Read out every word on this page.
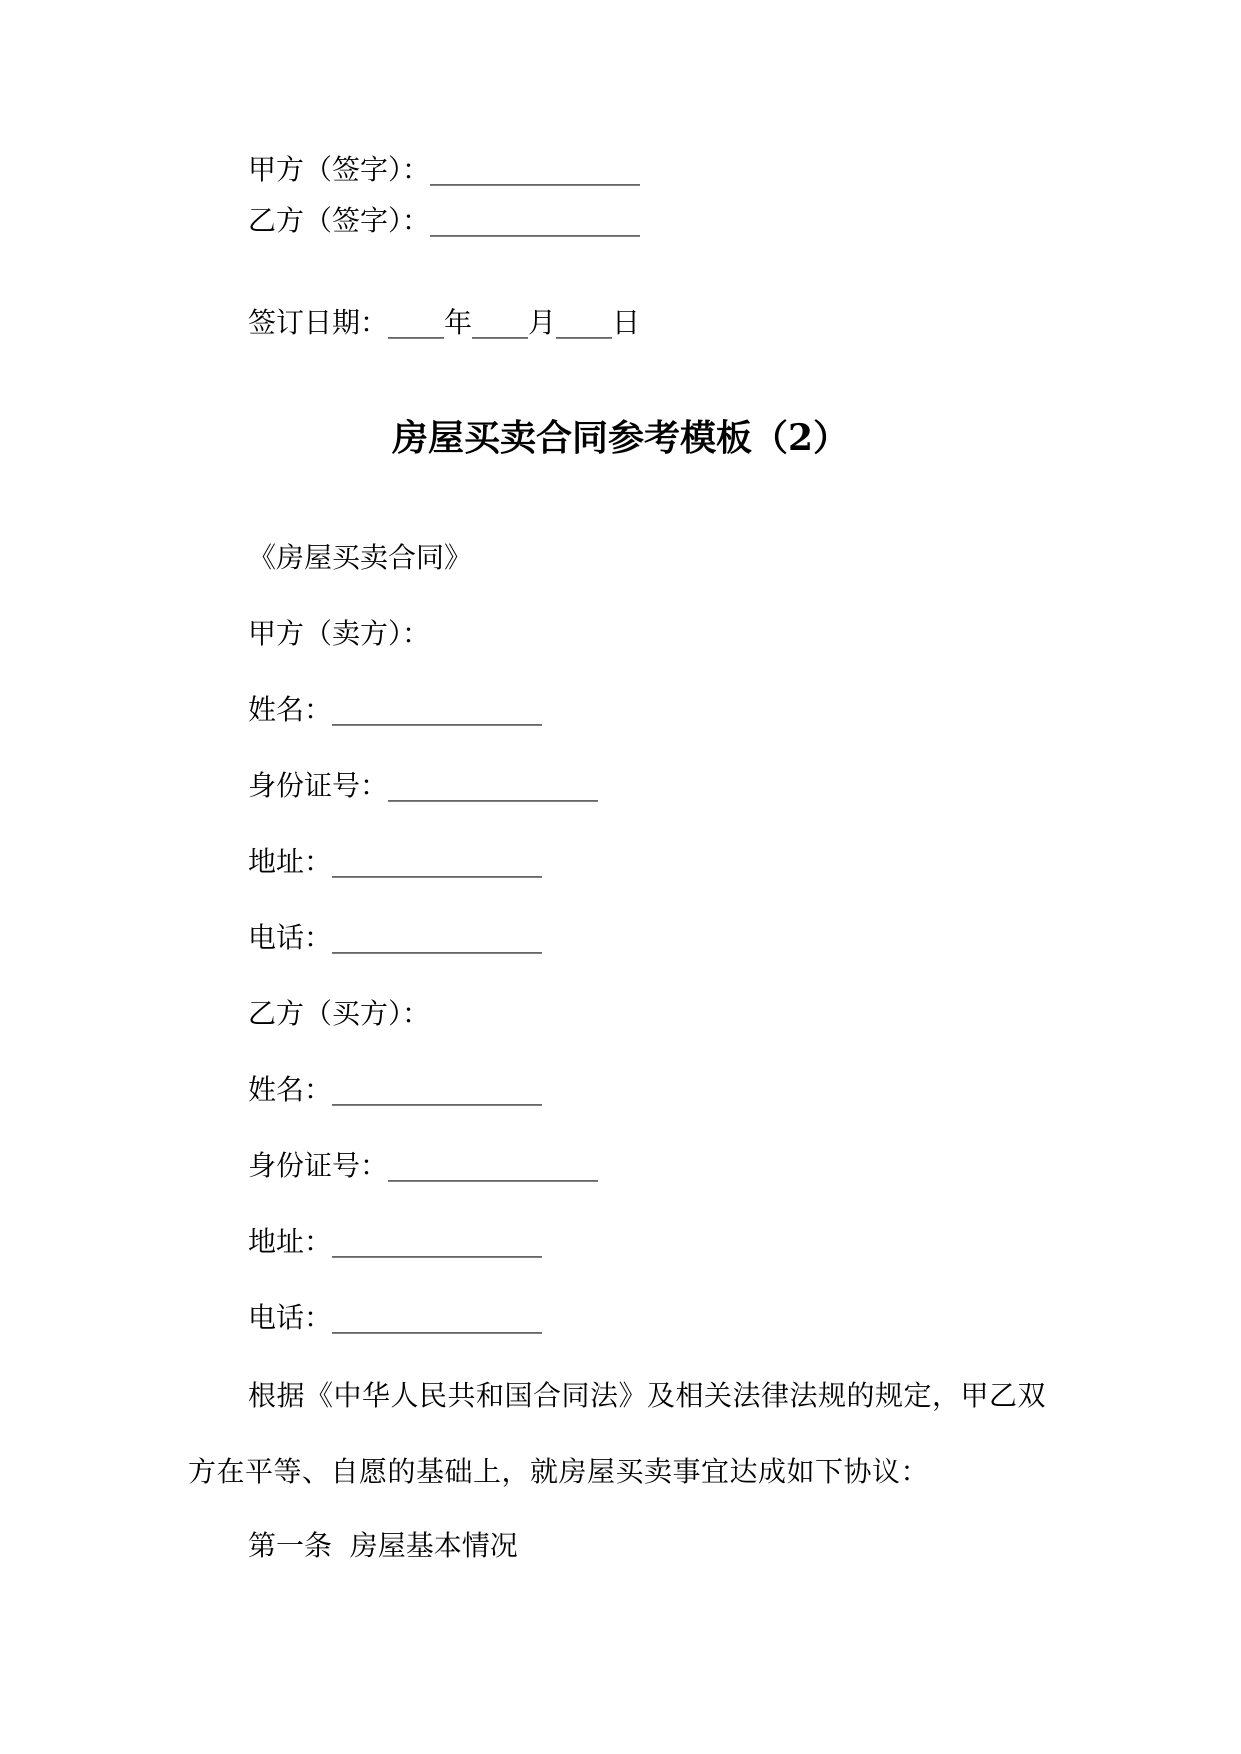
甲方（签字）：_______________

乙方（签字）：_______________

签订日期：____年____月____日

房屋买卖合同参考模板（2）

《房屋买卖合同》

甲方（卖方）：

姓名：_______________

身份证号：_______________

地址：_______________

电话：_______________

乙方（买方）：

姓名：_______________

身份证号：_______________

地址：_______________

电话：_______________

根据《中华人民共和国合同法》及相关法律法规的规定，甲乙双方在平等、自愿的基础上，就房屋买卖事宜达成如下协议：

第一条  房屋基本情况
